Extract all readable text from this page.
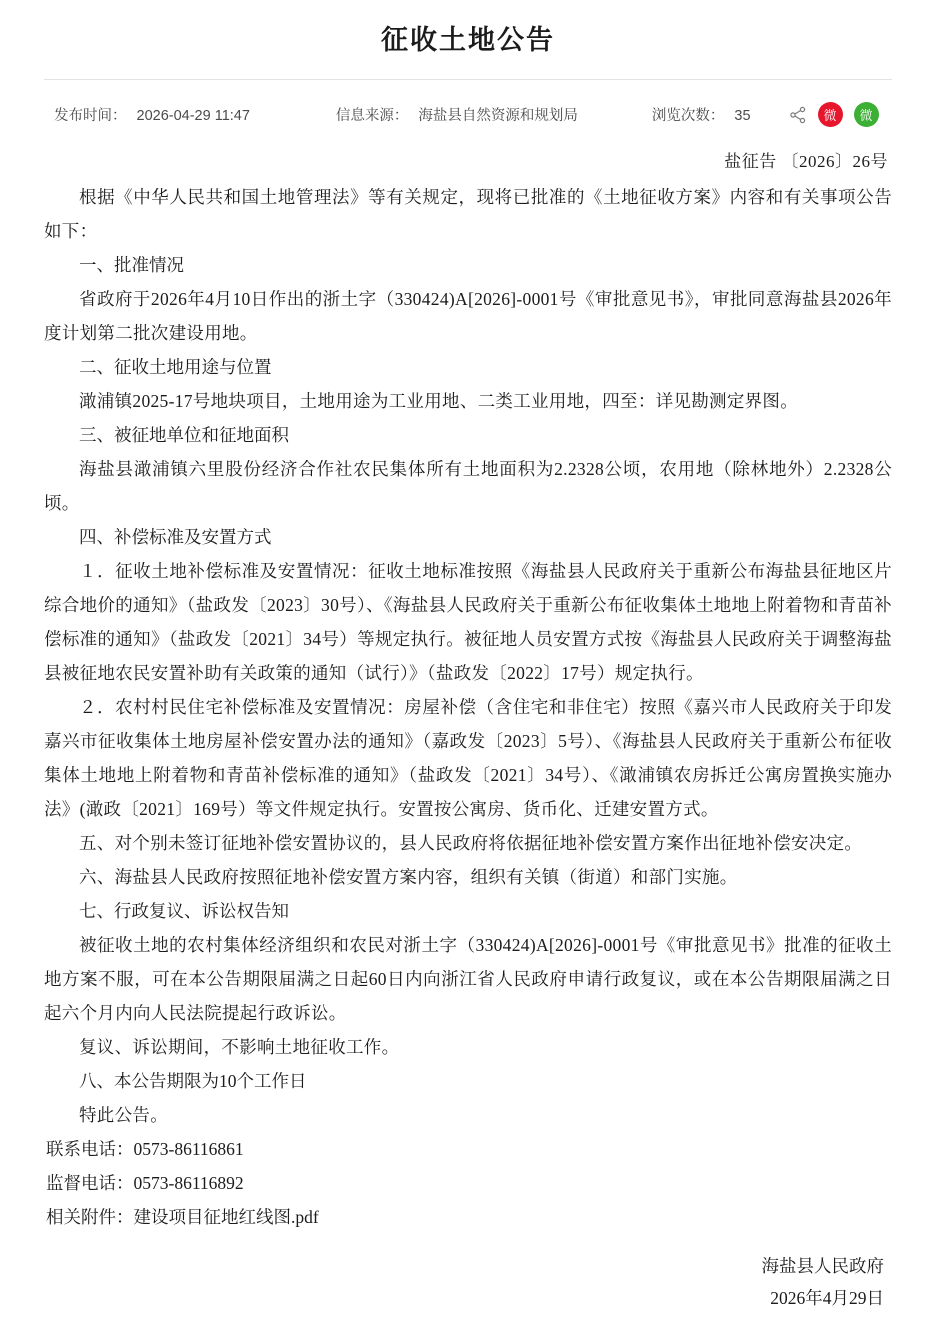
征收土地公告
发布时间： 2026-04-29 11:47	信息来源： 海盐县自然资源和规划局	浏览次数： 35	微 微
盐征告 〔2026〕26号

根据《中华人民共和国土地管理法》等有关规定，现将已批准的《土地征收方案》内容和有关事项公告如下：

一、批准情况

省政府于2026年4月10日作出的浙土字（330424)A[2026]-0001号《审批意见书》，审批同意海盐县2026年度计划第二批次建设用地。

二、征收土地用途与位置

澉浦镇2025-17号地块项目，土地用途为工业用地、二类工业用地，四至：详见勘测定界图。

三、被征地单位和征地面积

海盐县澉浦镇六里股份经济合作社农民集体所有土地面积为2.2328公顷，农用地（除林地外）2.2328公顷。

四、补偿标准及安置方式

１．征收土地补偿标准及安置情况：征收土地标准按照《海盐县人民政府关于重新公布海盐县征地区片综合地价的通知》（盐政发〔2023〕30号）、《海盐县人民政府关于重新公布征收集体土地地上附着物和青苗补偿标准的通知》（盐政发〔2021〕34号）等规定执行。被征地人员安置方式按《海盐县人民政府关于调整海盐县被征地农民安置补助有关政策的通知（试行）》（盐政发〔2022〕17号）规定执行。

２．农村村民住宅补偿标准及安置情况：房屋补偿（含住宅和非住宅）按照《嘉兴市人民政府关于印发嘉兴市征收集体土地房屋补偿安置办法的通知》（嘉政发〔2023〕5号）、《海盐县人民政府关于重新公布征收集体土地地上附着物和青苗补偿标准的通知》（盐政发〔2021〕34号）、《澉浦镇农房拆迁公寓房置换实施办法》(澉政〔2021〕169号）等文件规定执行。安置按公寓房、货币化、迁建安置方式。

五、对个别未签订征地补偿安置协议的，县人民政府将依据征地补偿安置方案作出征地补偿安决定。

六、海盐县人民政府按照征地补偿安置方案内容，组织有关镇（街道）和部门实施。

七、行政复议、诉讼权告知

被征收土地的农村集体经济组织和农民对浙土字（330424)A[2026]-0001号《审批意见书》批准的征收土地方案不服，可在本公告期限届满之日起60日内向浙江省人民政府申请行政复议，或在本公告期限届满之日起六个月内向人民法院提起行政诉讼。

复议、诉讼期间，不影响土地征收工作。

八、本公告期限为10个工作日

特此公告。

联系电话：0573-86116861

监督电话：0573-86116892

相关附件：建设项目征地红线图.pdf

海盐县人民政府
2026年4月29日
